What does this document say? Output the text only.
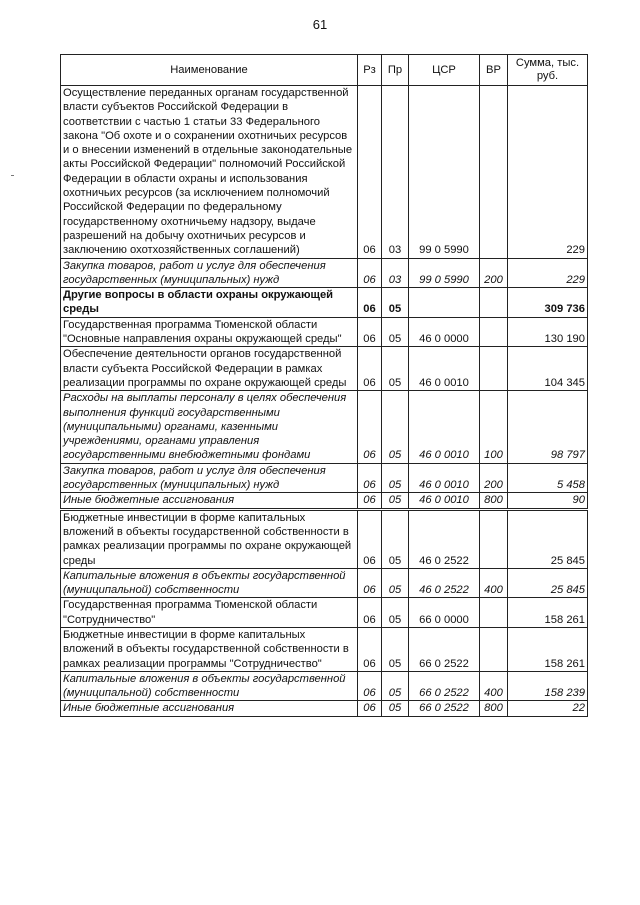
61
Наименование	Рз	Пр	ЦСР	ВР	Сумма, тыс. руб.
Осуществление переданных органам государственной власти субъектов Российской Федерации в соответствии с частью 1 статьи 33 Федерального закона "Об охоте и о сохранении охотничьих ресурсов и о внесении изменений в отдельные законодательные акты Российской Федерации" полномочий Российской Федерации в области охраны и использования охотничьих ресурсов (за исключением полномочий Российской Федерации по федеральному государственному охотничьему надзору, выдаче разрешений на добычу охотничьих ресурсов и заключению охотхозяйственных соглашений)	06	03	99 0 5990		229
Закупка товаров, работ и услуг для обеспечения государственных (муниципальных) нужд	06	03	99 0 5990	200	229
Другие вопросы в области охраны окружающей среды	06	05			309 736
Государственная программа Тюменской области "Основные направления охраны окружающей среды"	06	05	46 0 0000		130 190
Обеспечение деятельности органов государственной власти субъекта Российской Федерации в рамках реализации программы по охране окружающей среды	06	05	46 0 0010		104 345
Расходы на выплаты персоналу в целях обеспечения выполнения функций государственными (муниципальными) органами, казенными учреждениями, органами управления государственными внебюджетными фондами	06	05	46 0 0010	100	98 797
Закупка товаров, работ и услуг для обеспечения государственных (муниципальных) нужд	06	05	46 0 0010	200	5 458
Иные бюджетные ассигнования	06	05	46 0 0010	800	90
Бюджетные инвестиции в форме капитальных вложений в объекты государственной собственности в рамках реализации программы по охране окружающей среды	06	05	46 0 2522		25 845
Капитальные вложения в объекты государственной (муниципальной) собственности	06	05	46 0 2522	400	25 845
Государственная программа Тюменской области "Сотрудничество"	06	05	66 0 0000		158 261
Бюджетные инвестиции в форме капитальных вложений в объекты государственной собственности в рамках реализации программы "Сотрудничество"	06	05	66 0 2522		158 261
Капитальные вложения в объекты государственной (муниципальной) собственности	06	05	66 0 2522	400	158 239
Иные бюджетные ассигнования	06	05	66 0 2522	800	22
